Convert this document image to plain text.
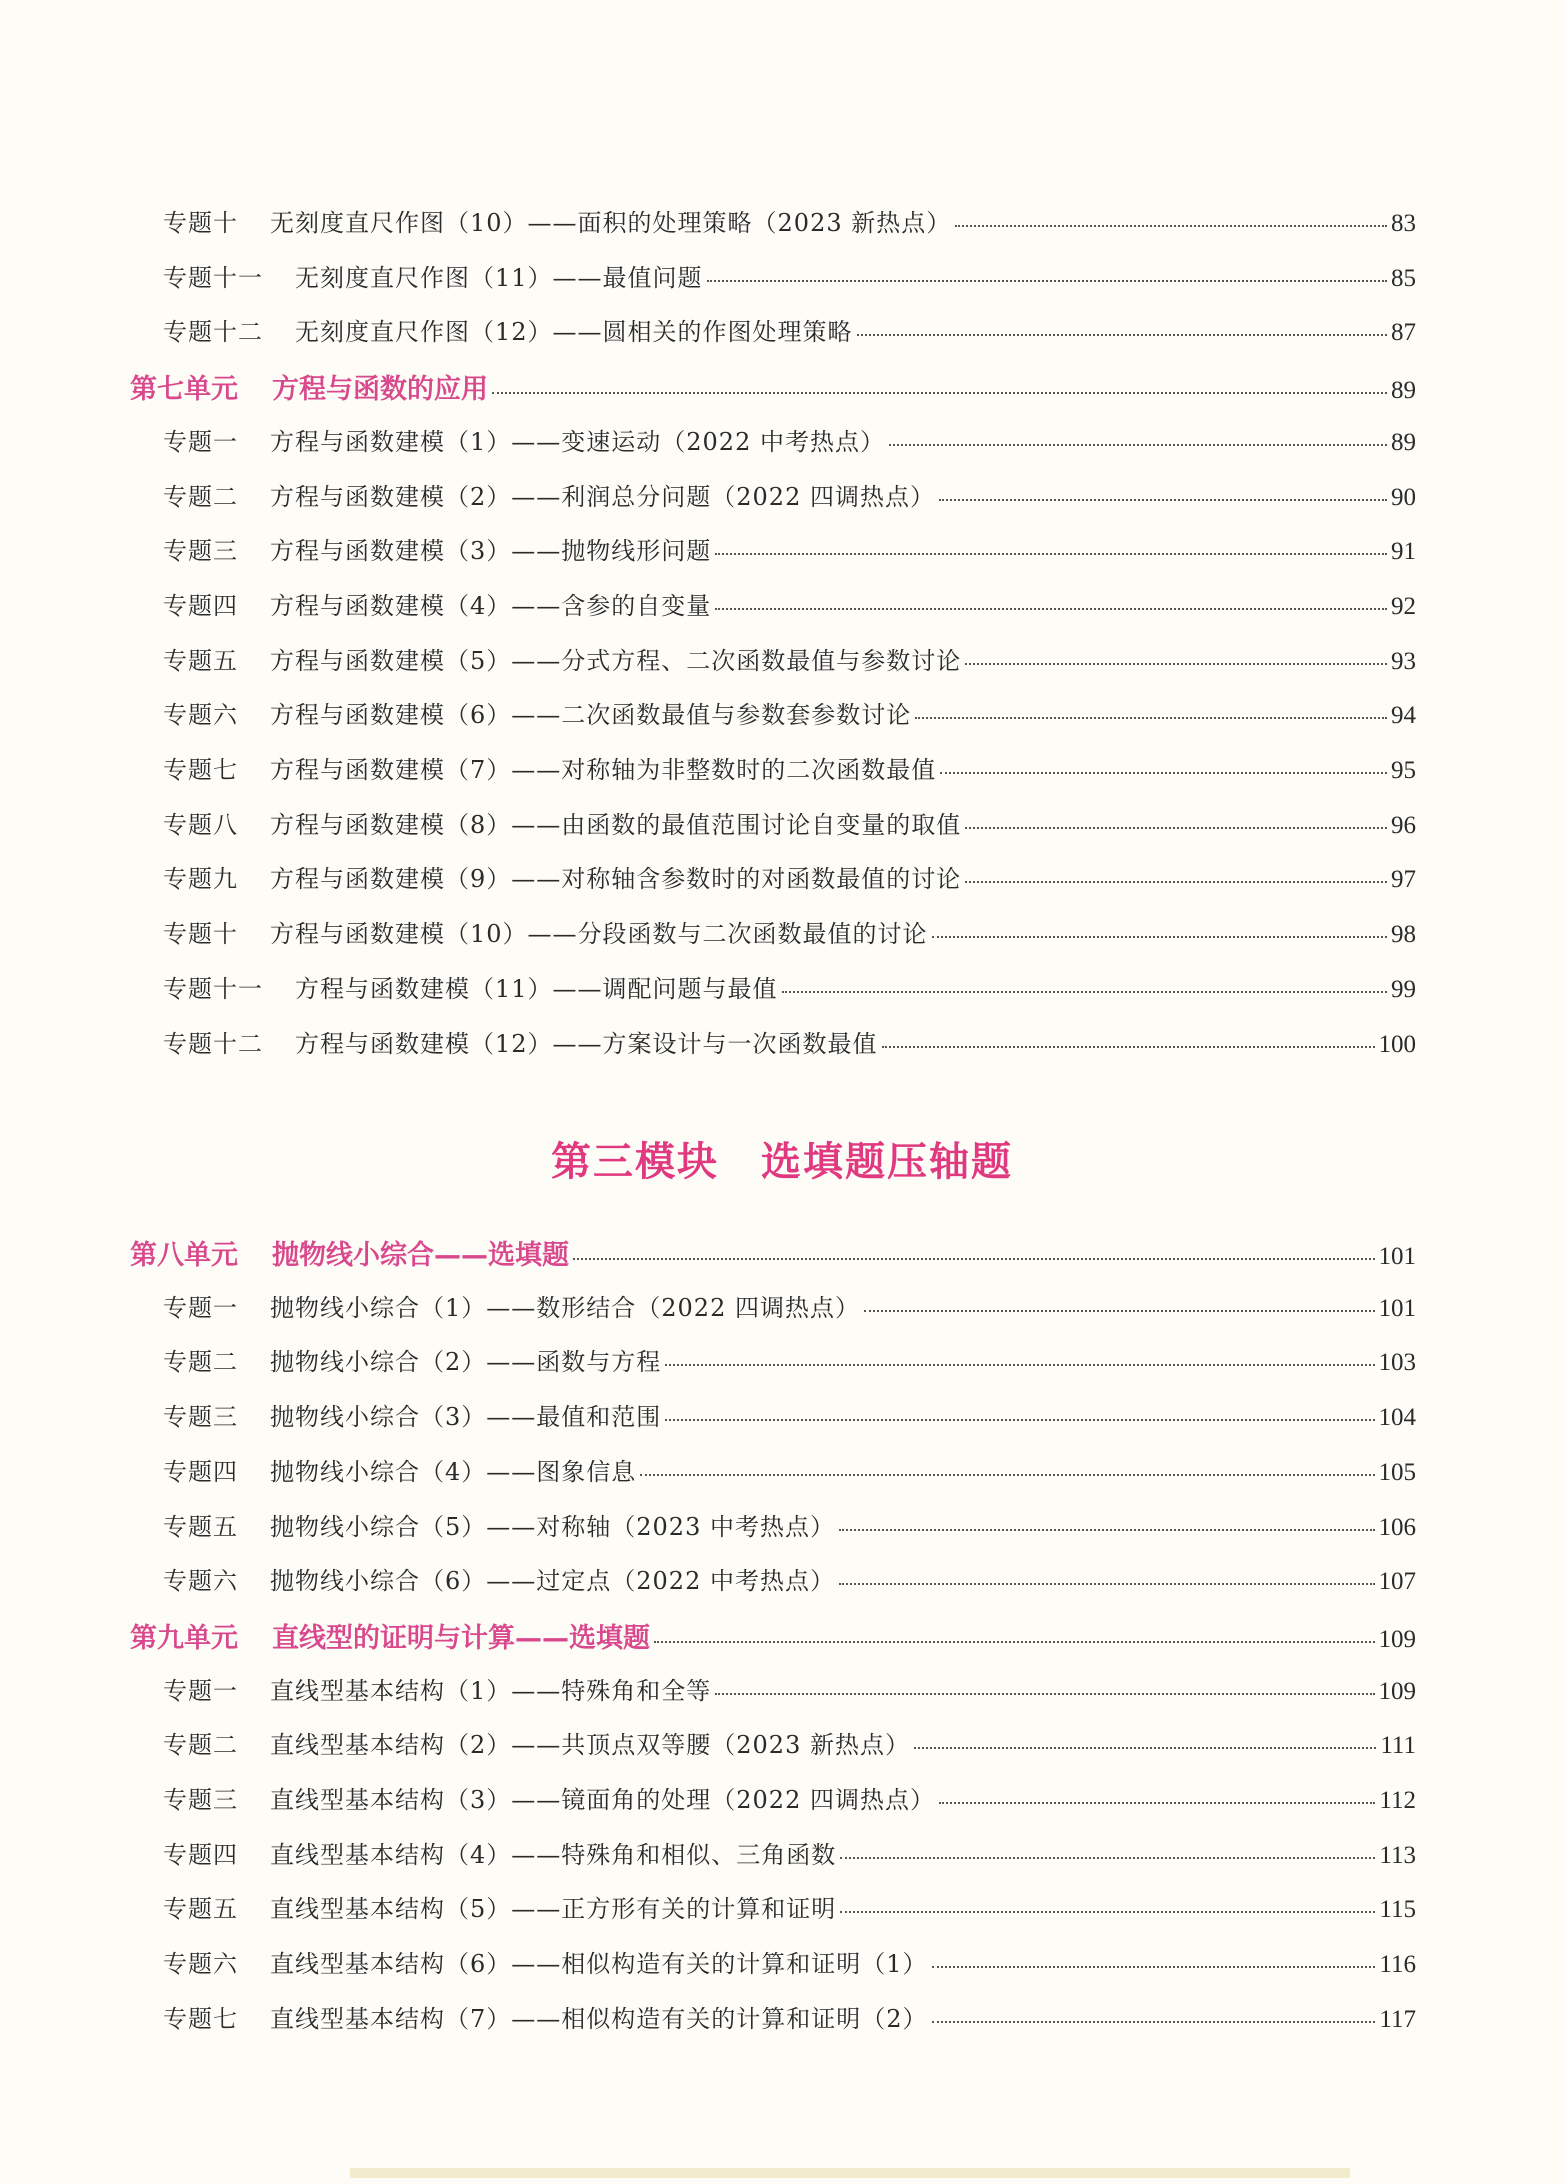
专题十 无刻度直尺作图（10）——面积的处理策略（2023 新热点）	83
专题十一 无刻度直尺作图（11）——最值问题	85
专题十二 无刻度直尺作图（12）——圆相关的作图处理策略	87
第七单元 方程与函数的应用	89
专题一 方程与函数建模（1）——变速运动（2022 中考热点）	89
专题二 方程与函数建模（2）——利润总分问题（2022 四调热点）	90
专题三 方程与函数建模（3）——抛物线形问题	91
专题四 方程与函数建模（4）——含参的自变量	92
专题五 方程与函数建模（5）——分式方程、二次函数最值与参数讨论	93
专题六 方程与函数建模（6）——二次函数最值与参数套参数讨论	94
专题七 方程与函数建模（7）——对称轴为非整数时的二次函数最值	95
专题八 方程与函数建模（8）——由函数的最值范围讨论自变量的取值	96
专题九 方程与函数建模（9）——对称轴含参数时的对函数最值的讨论	97
专题十 方程与函数建模（10）——分段函数与二次函数最值的讨论	98
专题十一 方程与函数建模（11）——调配问题与最值	99
专题十二 方程与函数建模（12）——方案设计与一次函数最值	100
第八单元 抛物线小综合——选填题	101
专题一 抛物线小综合（1）——数形结合（2022 四调热点）	101
专题二 抛物线小综合（2）——函数与方程	103
专题三 抛物线小综合（3）——最值和范围	104
专题四 抛物线小综合（4）——图象信息	105
专题五 抛物线小综合（5）——对称轴（2023 中考热点）	106
专题六 抛物线小综合（6）——过定点（2022 中考热点）	107
第九单元 直线型的证明与计算——选填题	109
专题一 直线型基本结构（1）——特殊角和全等	109
专题二 直线型基本结构（2）——共顶点双等腰（2023 新热点）	111
专题三 直线型基本结构（3）——镜面角的处理（2022 四调热点）	112
专题四 直线型基本结构（4）——特殊角和相似、三角函数	113
专题五 直线型基本结构（5）——正方形有关的计算和证明	115
专题六 直线型基本结构（6）——相似构造有关的计算和证明（1）	116
专题七 直线型基本结构（7）——相似构造有关的计算和证明（2）	117
第三模块　选填题压轴题
